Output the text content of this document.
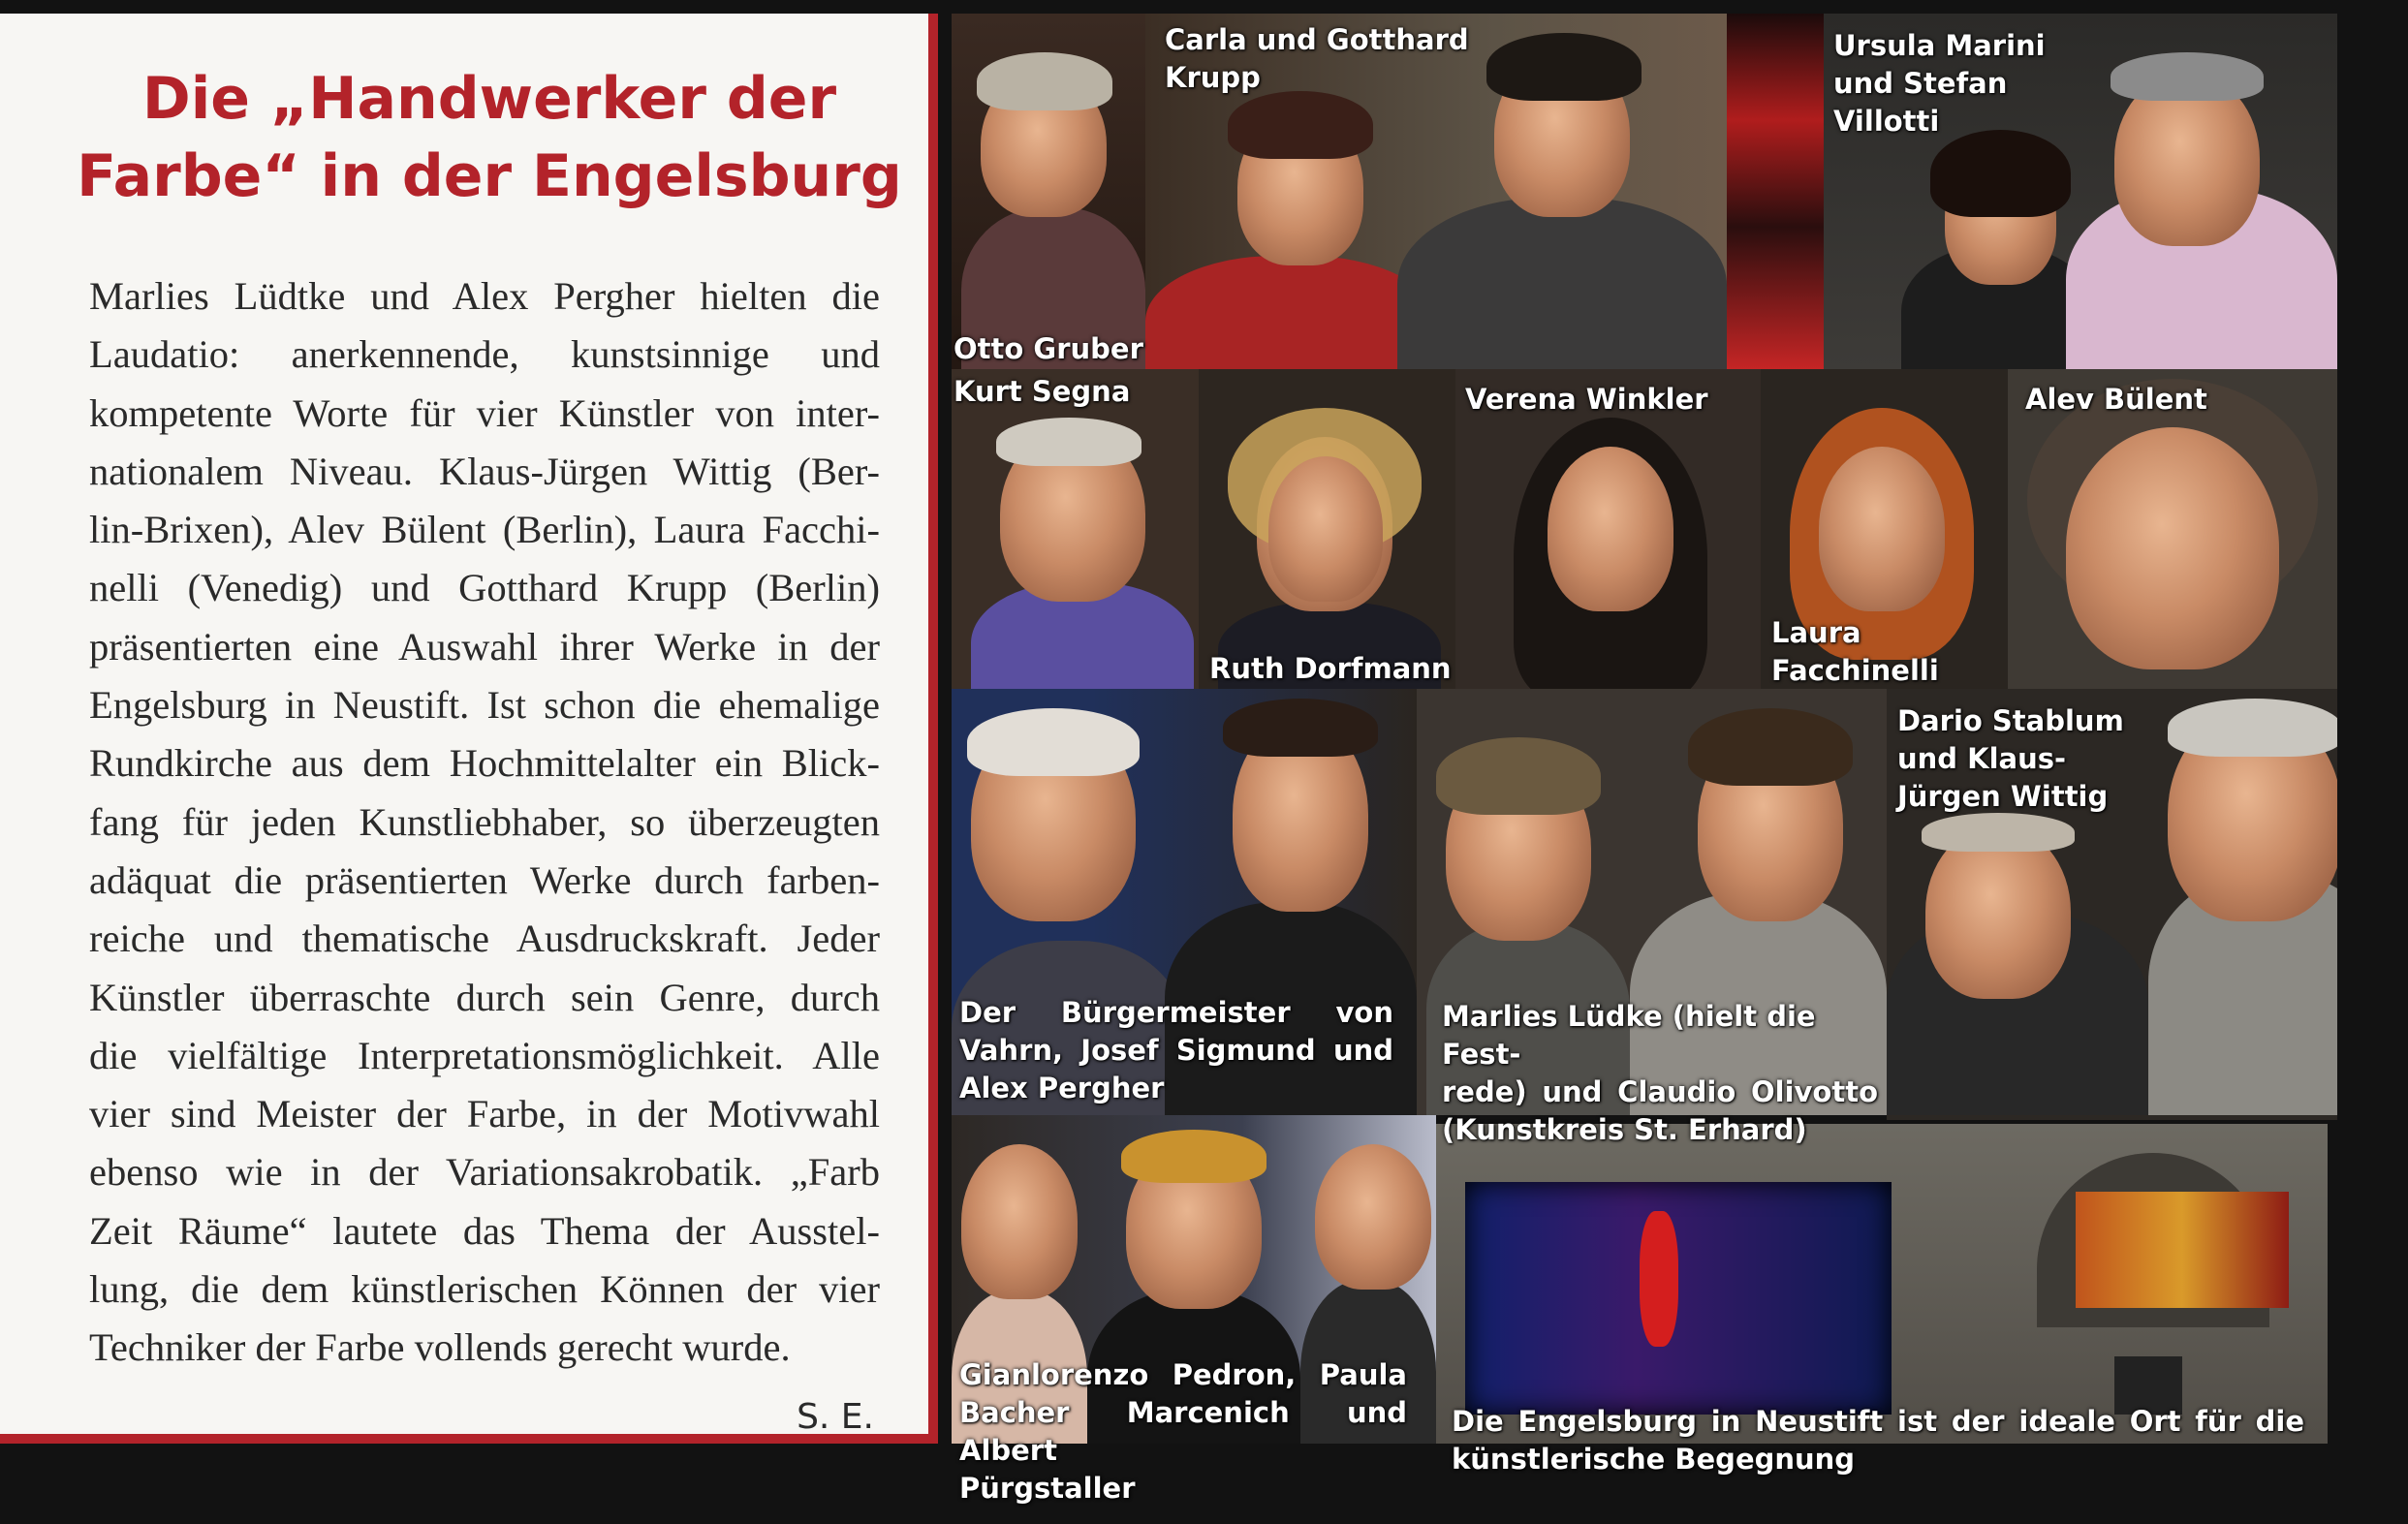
Die „Handwerker der
Farbe“ in der Engelsburg
Marlies Lüdtke und Alex Pergher hielten die
Laudatio: anerkennende, kunstsinnige und
kompetente Worte für vier Künstler von inter-
nationalem Niveau. Klaus-Jürgen Wittig (Ber-
lin-Brixen), Alev Bülent (Berlin), Laura Facchi-
nelli (Venedig) und Gotthard Krupp (Berlin)
präsentierten eine Auswahl ihrer Werke in der
Engelsburg in Neustift. Ist schon die ehemalige
Rundkirche aus dem Hochmittelalter ein Blick-
fang für jeden Kunstliebhaber, so überzeugten
adäquat die präsentierten Werke durch farben-
reiche und thematische Ausdruckskraft. Jeder
Künstler überraschte durch sein Genre, durch
die vielfältige Interpretationsmöglichkeit. Alle
vier sind Meister der Farbe, in der Motivwahl
ebenso wie in der Variationsakrobatik. „Farb
Zeit Räume“ lautete das Thema der Ausstel-
lung, die dem künstlerischen Können der vier
Techniker der Farbe vollends gerecht wurde.
S. E.
Otto Gruber
Carla und Gotthard
Krupp
Ursula Marini
und Stefan
Villotti
Kurt Segna
Ruth Dorfmann
Verena Winkler
Laura
Facchinelli
Alev Bülent
Dario Stablum
und Klaus-
Jürgen Wittig
Der Bürgermeister von
Vahrn, Josef Sigmund und
Alex Pergher
Marlies Lüdke (hielt die Fest-
rede) und Claudio Olivotto
(Kunstkreis St. Erhard)
Gianlorenzo Pedron, Paula
Bacher Marcenich und Albert
Pürgstaller
Die Engelsburg in Neustift ist der ideale Ort für die
künstlerische Begegnung
